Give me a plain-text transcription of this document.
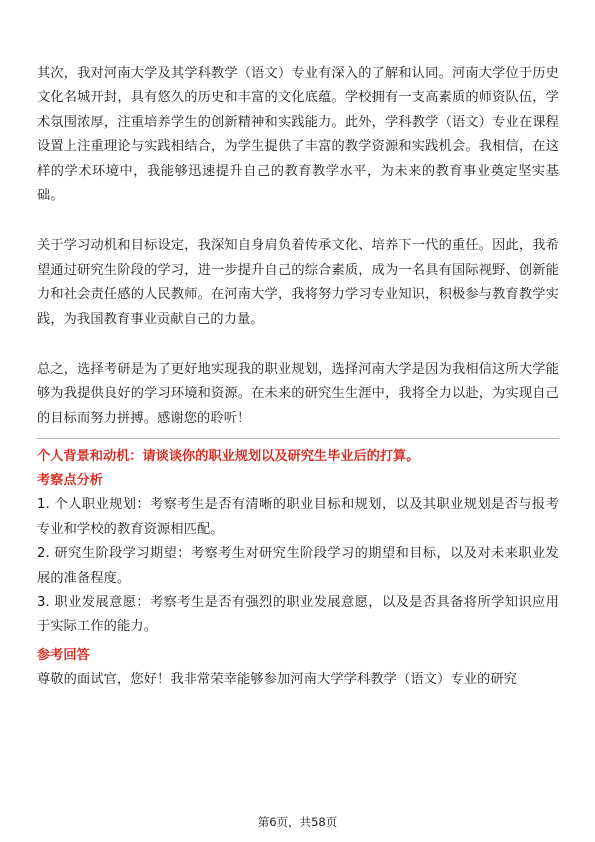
其次，我对河南大学及其学科教学（语文）专业有深入的了解和认同。河南大学位于历史文化名城开封，具有悠久的历史和丰富的文化底蕴。学校拥有一支高素质的师资队伍，学术氛围浓厚，注重培养学生的创新精神和实践能力。此外，学科教学（语文）专业在课程设置上注重理论与实践相结合，为学生提供了丰富的教学资源和实践机会。我相信，在这样的学术环境中，我能够迅速提升自己的教育教学水平，为未来的教育事业奠定坚实基础。

关于学习动机和目标设定，我深知自身肩负着传承文化、培养下一代的重任。因此，我希望通过研究生阶段的学习，进一步提升自己的综合素质，成为一名具有国际视野、创新能力和社会责任感的人民教师。在河南大学，我将努力学习专业知识，积极参与教育教学实践，为我国教育事业贡献自己的力量。

总之，选择考研是为了更好地实现我的职业规划，选择河南大学是因为我相信这所大学能够为我提供良好的学习环境和资源。在未来的研究生生涯中，我将全力以赴，为实现自己的目标而努力拼搏。感谢您的聆听！

个人背景和动机：请谈谈你的职业规划以及研究生毕业后的打算。

考察点分析

1. 个人职业规划：考察考生是否有清晰的职业目标和规划，以及其职业规划是否与报考专业和学校的教育资源相匹配。

2. 研究生阶段学习期望：考察考生对研究生阶段学习的期望和目标，以及对未来职业发展的准备程度。

3. 职业发展意愿：考察考生是否有强烈的职业发展意愿，以及是否具备将所学知识应用于实际工作的能力。

参考回答

尊敬的面试官，您好！我非常荣幸能够参加河南大学学科教学（语文）专业的研究

第6页，共58页
